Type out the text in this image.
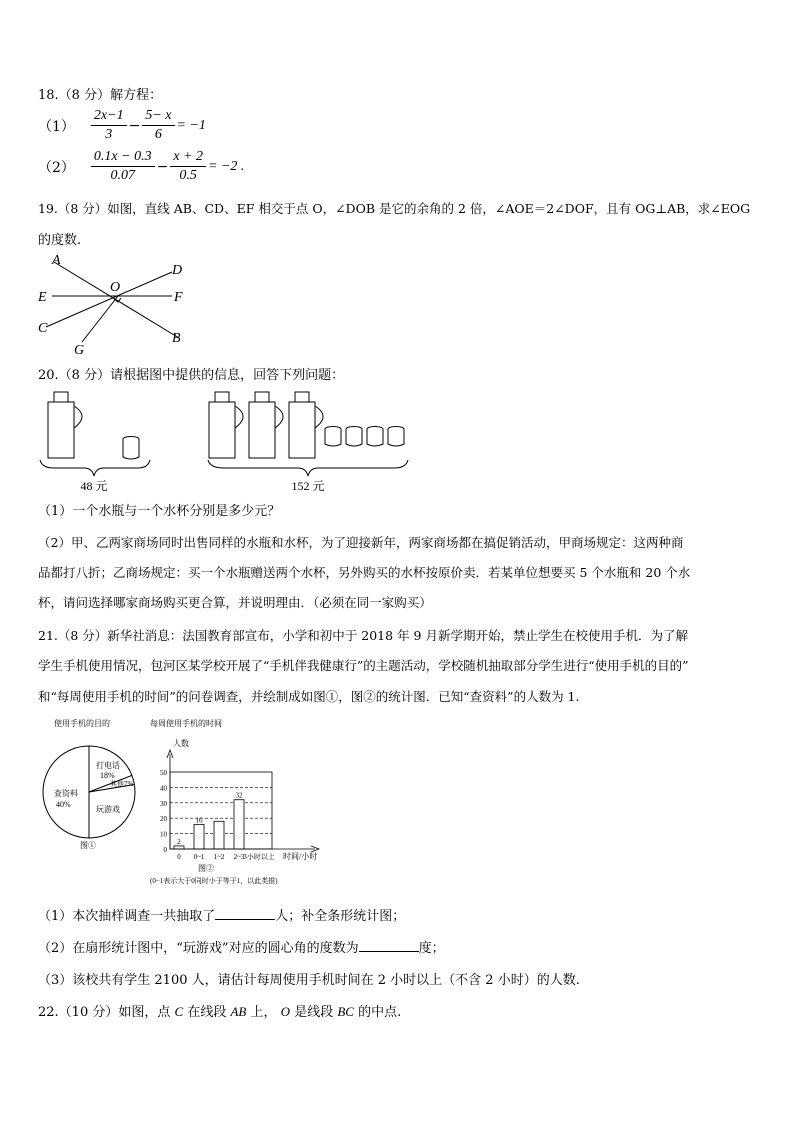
18.（8 分）解方程：
$(1) \frac{2x-1}{3} - \frac{5- x}{6} = -1$
$(2) \frac{0.1x - 0.3}{0.07} - \frac{x + 2}{0.5} = -2$ .
19.（8 分）如图，直线 AB、CD、EF 相交于点 O，∠DOB 是它的余角的 2 倍，∠AOE＝2∠DOF，且有 OG⊥AB，求∠EOG
的度数.
A
D
O
E	F
C
B
G
20.（8 分）请根据图中提供的信息，回答下列问题：
48 元	152 元
（1）一个水瓶与一个水杯分别是多少元？
（2）甲、乙两家商场同时出售同样的水瓶和水杯，为了迎接新年，两家商场都在搞促销活动，甲商场规定：这两种商
品都打八折；乙商场规定：买一个水瓶赠送两个水杯，另外购买的水杯按原价卖．若某单位想要买 5 个水瓶和 20 个水
杯，请问选择哪家商场购买更合算，并说明理由．（必须在同一家购买）
21.（8 分）新华社消息：法国教育部宣布，小学和初中于 2018 年 9 月新学期开始，禁止学生在校使用手机．为了解
学生手机使用情况，包河区某学校开展了“手机伴我健康行”的主题活动，学校随机抽取部分学生进行“使用手机的目的”
和“每周使用手机的时间”的问卷调查，并绘制成如图①，图②的统计图．已知“查资料”的人数为 1.
使用手机的目的
查资料
40%
打电话
18%
其他7%
玩游戏
图①
每周使用手机的时间
人数
0
10
20
30
40
50
2
16
32
0 0~1 1~2 2~3
3小时以上 时间/小时
图②
(0−1表示大于0同时小于等于1，以此类推)
（1）本次抽样调查一共抽取了	人；补全条形统计图；
（2）在扇形统计图中，“玩游戏”对应的圆心角的度数为	度；
（3）该校共有学生 2100 人，请估计每周使用手机时间在 2 小时以上（不含 2 小时）的人数.
22.（10 分）如图，点 C 在线段 AB 上， O 是线段 BC 的中点.
